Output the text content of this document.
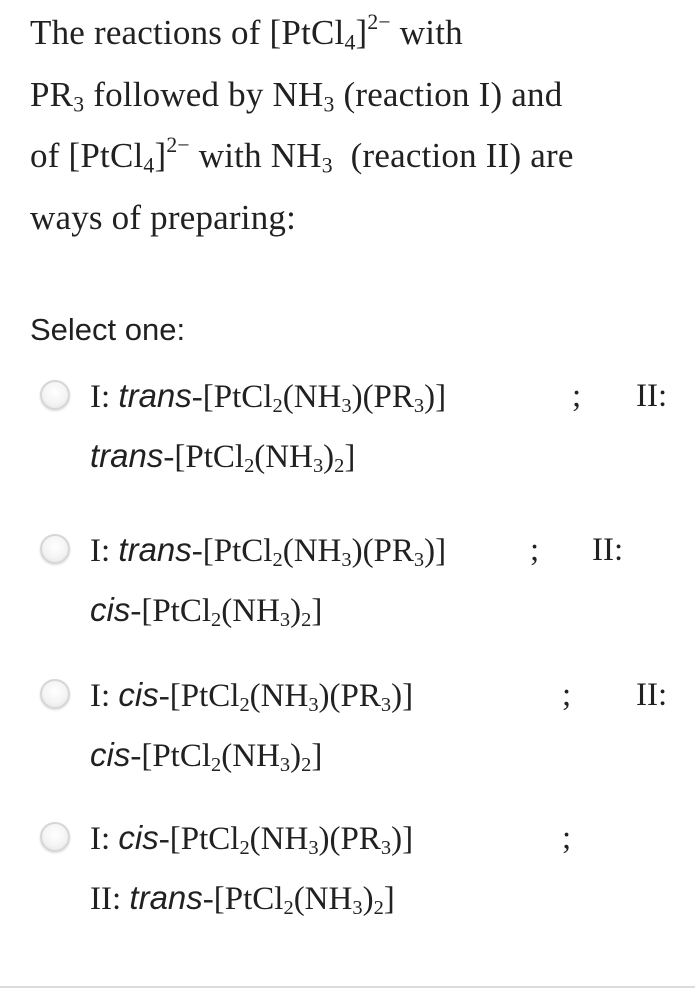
The reactions of [PtCl$_4$]$^{2-}$ with
$PR_3$ followed by $NH_3$ (reaction I) and
of [PtCl$_4$]$^{2-}$ with $NH_3$  (reaction II) are
ways of preparing:
Select one:
I: trans-$[PtCl_2(NH_3)(PR_3)]$	; II:
trans-$[PtCl_2(NH_3)_2]$
I: trans-$[PtCl_2(NH_3)(PR_3)]$	; II:
cis-$[PtCl_2(NH_3)_2]$
I: cis-$[PtCl_2(NH_3)(PR_3)]$	; II:
cis-$[PtCl_2(NH_3)_2]$
I: cis-$[PtCl_2(NH_3)(PR_3)]$	;
II: trans-$[PtCl_2(NH_3)_2]$
